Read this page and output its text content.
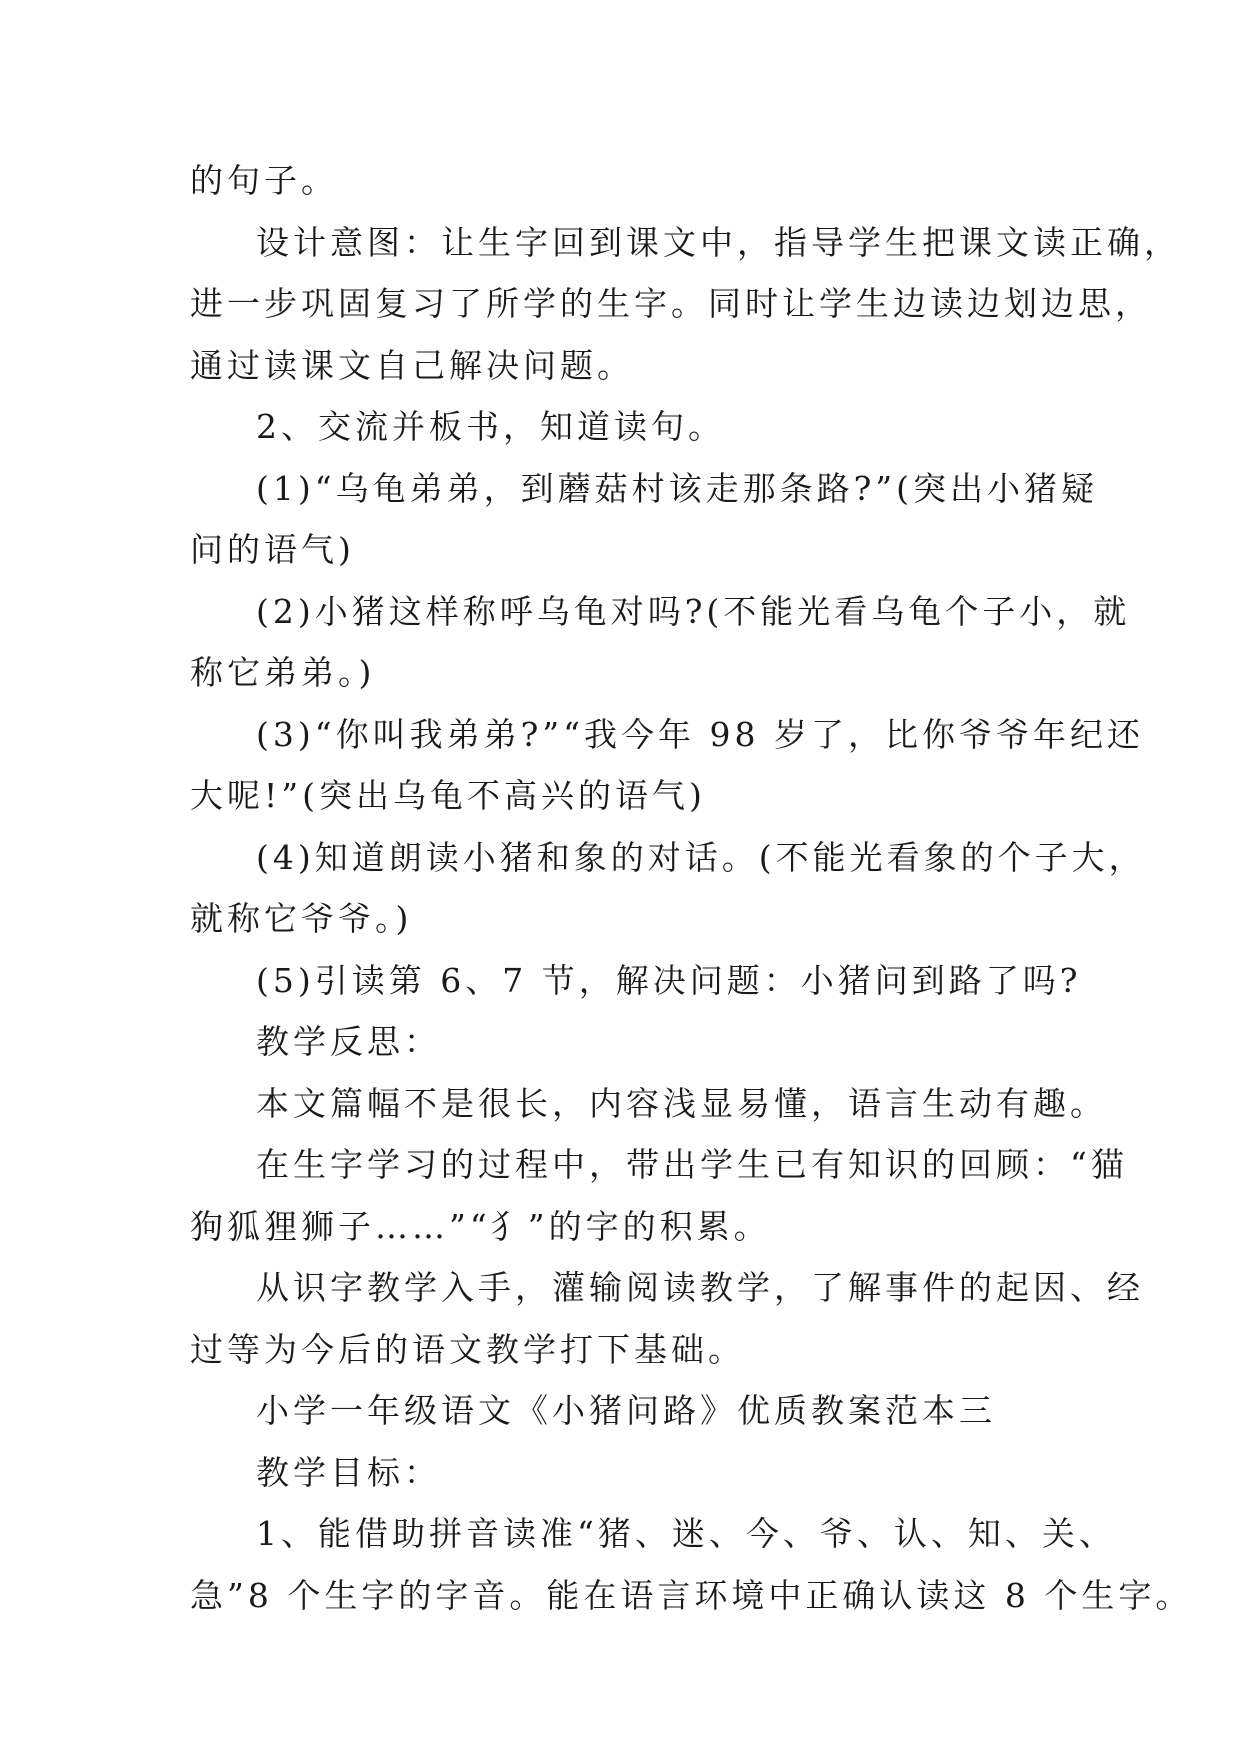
的句子。
设计意图：让生字回到课文中，指导学生把课文读正确，
进一步巩固复习了所学的生字。同时让学生边读边划边思，
通过读课文自己解决问题。
2、交流并板书，知道读句。
(1)“乌龟弟弟，到蘑菇村该走那条路?”(突出小猪疑
问的语气)
(2)小猪这样称呼乌龟对吗?(不能光看乌龟个子小，就
称它弟弟。)
(3)“你叫我弟弟?”“我今年 98 岁了，比你爷爷年纪还
大呢!”(突出乌龟不高兴的语气)
(4)知道朗读小猪和象的对话。(不能光看象的个子大，
就称它爷爷。)
(5)引读第 6、7 节，解决问题：小猪问到路了吗?
教学反思：
本文篇幅不是很长，内容浅显易懂，语言生动有趣。
在生字学习的过程中，带出学生已有知识的回顾：“猫
狗狐狸狮子……”“犭”的字的积累。
从识字教学入手，灌输阅读教学，了解事件的起因、经
过等为今后的语文教学打下基础。
小学一年级语文《小猪问路》优质教案范本三
教学目标：
1、能借助拼音读准“猪、迷、今、爷、认、知、关、
急”8 个生字的字音。能在语言环境中正确认读这 8 个生字。
